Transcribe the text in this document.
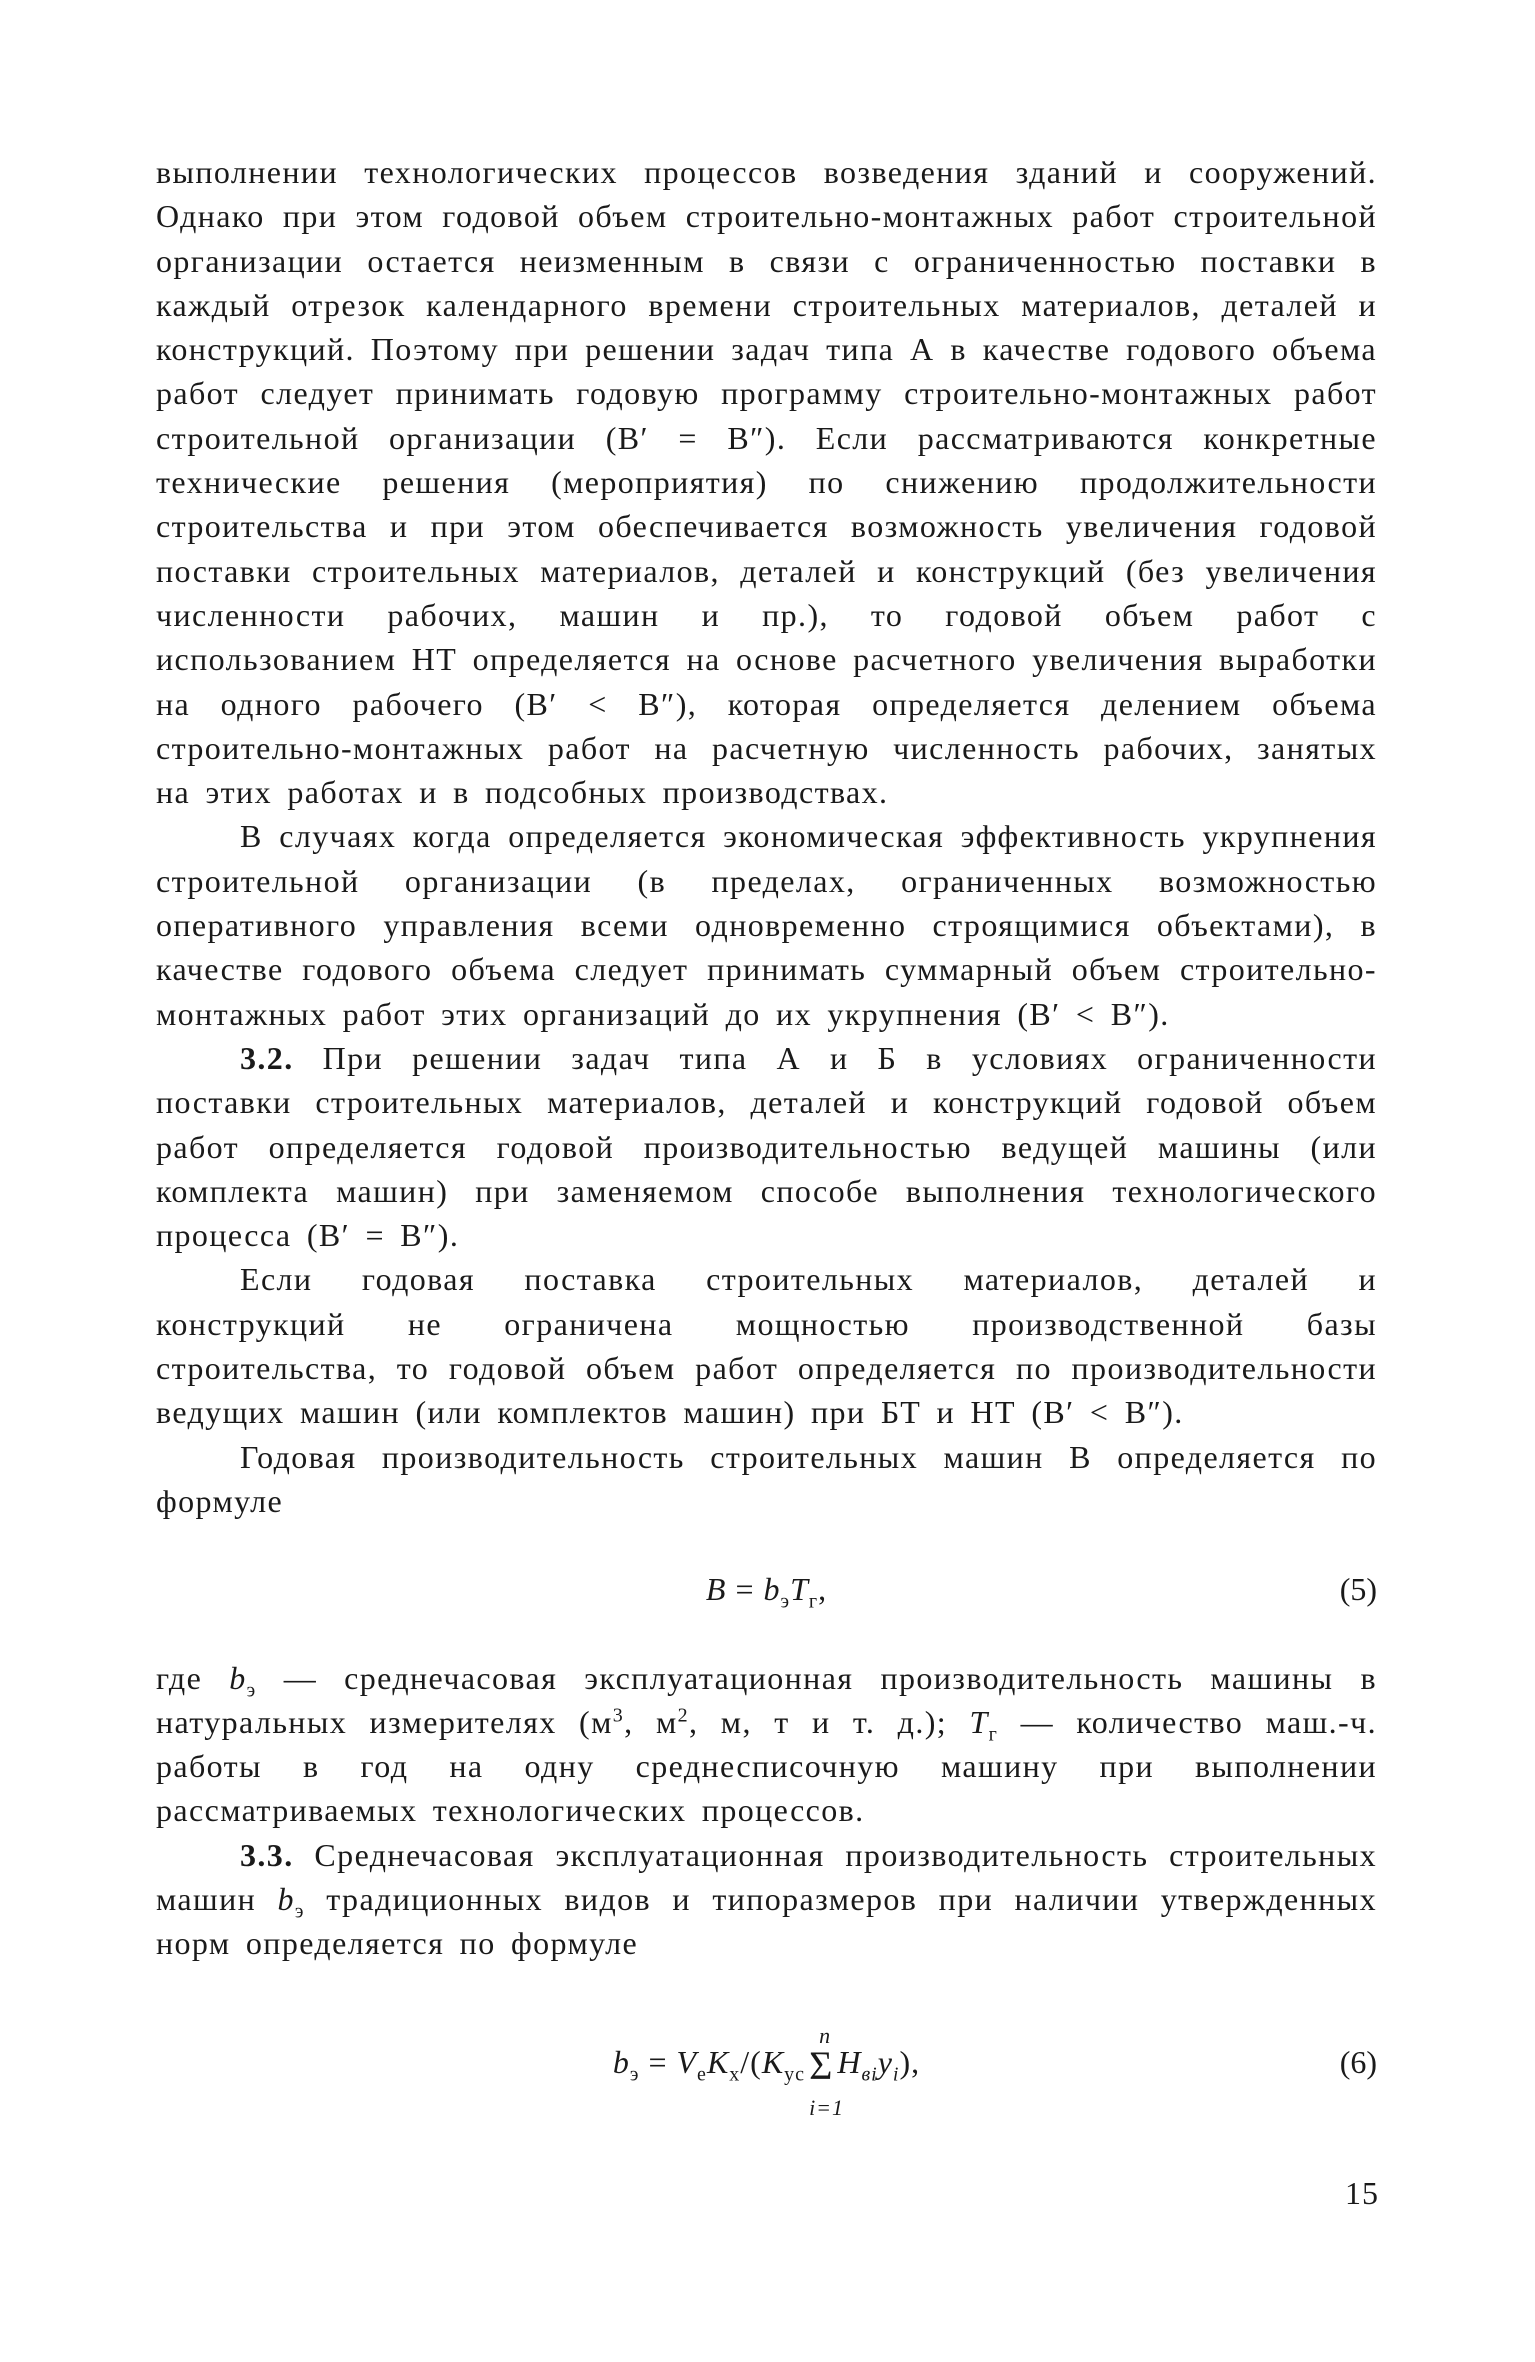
выполнении технологических процессов возведения зданий и сооружений. Однако при этом годовой объем строительно-монтажных работ строительной организации остается неизменным в связи с ограниченностью поставки в каждый отрезок календарного времени строительных материалов, деталей и конструкций. Поэтому при решении задач типа А в качестве годового объема работ следует принимать годовую программу строительно-монтажных работ строительной организации (B′ = B″). Если рассматриваются конкретные технические решения (мероприятия) по снижению продолжительности строительства и при этом обеспечивается возможность увеличения годовой поставки строительных материалов, деталей и конструкций (без увеличения численности рабочих, машин и пр.), то годовой объем работ с использованием НТ определяется на основе расчетного увеличения выработки на одного рабочего (B′ < B″), которая определяется делением объема строительно-монтажных работ на расчетную численность рабочих, занятых на этих работах и в подсобных производствах.

В случаях когда определяется экономическая эффективность укрупнения строительной организации (в пределах, ограниченных возможностью оперативного управления всеми одновременно строящимися объектами), в качестве годового объема следует принимать суммарный объем строительно-монтажных работ этих организаций до их укрупнения (B′ < B″).

3.2. При решении задач типа А и Б в условиях ограниченности поставки строительных материалов, деталей и конструкций годовой объем работ определяется годовой производительностью ведущей машины (или комплекта машин) при заменяемом способе выполнения технологического процесса (B′ = B″).

Если годовая поставка строительных материалов, деталей и конструкций не ограничена мощностью производственной базы строительства, то годовой объем работ определяется по производительности ведущих машин (или комплектов машин) при БТ и НТ (B′ < B″).

Годовая производительность строительных машин В определяется по формуле

$B = b_эT_г$,	(5)

где $b_э$ — среднечасовая эксплуатационная производительность машины в натуральных измерителях ($м^3$, $м^2$, м, т и т. д.); $T_г$ — количество маш.-ч. работы в год на одну среднесписочную машину при выполнении рассматриваемых технологических процессов.

3.3. Среднечасовая эксплуатационная производительность строительных машин $b_э$ традиционных видов и типоразмеров при наличии утвержденных норм определяется по формуле

$b_э = V_еK_х/(K_{ус}$
n
Σ
i=1
$H_{вi}y_i$),	(6)
15
